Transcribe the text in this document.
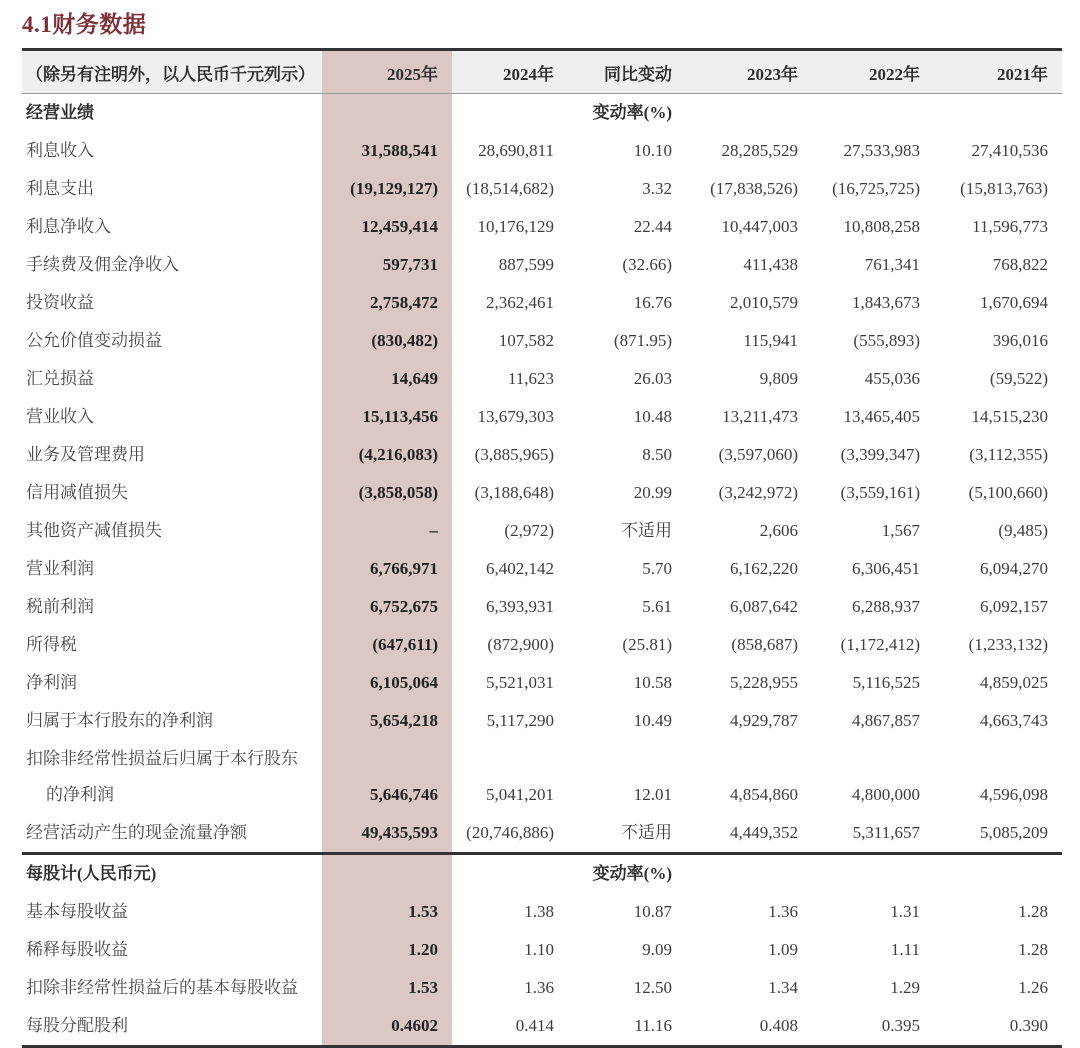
4.1财务数据
（除另有注明外，以人民币千元列示）	2025年	2024年	同比变动	2023年	2022年	2021年
经营业绩			变动率(%)			
利息收入	31,588,541	28,690,811	10.10	28,285,529	27,533,983	27,410,536
利息支出	(19,129,127)	(18,514,682)	3.32	(17,838,526)	(16,725,725)	(15,813,763)
利息净收入	12,459,414	10,176,129	22.44	10,447,003	10,808,258	11,596,773
手续费及佣金净收入	597,731	887,599	(32.66)	411,438	761,341	768,822
投资收益	2,758,472	2,362,461	16.76	2,010,579	1,843,673	1,670,694
公允价值变动损益	(830,482)	107,582	(871.95)	115,941	(555,893)	396,016
汇兑损益	14,649	11,623	26.03	9,809	455,036	(59,522)
营业收入	15,113,456	13,679,303	10.48	13,211,473	13,465,405	14,515,230
业务及管理费用	(4,216,083)	(3,885,965)	8.50	(3,597,060)	(3,399,347)	(3,112,355)
信用减值损失	(3,858,058)	(3,188,648)	20.99	(3,242,972)	(3,559,161)	(5,100,660)
其他资产减值损失	–	(2,972)	不适用	2,606	1,567	(9,485)
营业利润	6,766,971	6,402,142	5.70	6,162,220	6,306,451	6,094,270
税前利润	6,752,675	6,393,931	5.61	6,087,642	6,288,937	6,092,157
所得税	(647,611)	(872,900)	(25.81)	(858,687)	(1,172,412)	(1,233,132)
净利润	6,105,064	5,521,031	10.58	5,228,955	5,116,525	4,859,025
归属于本行股东的净利润	5,654,218	5,117,290	10.49	4,929,787	4,867,857	4,663,743

扣除非经常性损益后归属于本行股东
的净利润	5,646,746	5,041,201	12.01	4,854,860	4,800,000	4,596,098
经营活动产生的现金流量净额	49,435,593	(20,746,886)	不适用	4,449,352	5,311,657	5,085,209
每股计(人民币元)			变动率(%)			
基本每股收益	1.53	1.38	10.87	1.36	1.31	1.28
稀释每股收益	1.20	1.10	9.09	1.09	1.11	1.28
扣除非经常性损益后的基本每股收益	1.53	1.36	12.50	1.34	1.29	1.26
每股分配股利	0.4602	0.414	11.16	0.408	0.395	0.390
